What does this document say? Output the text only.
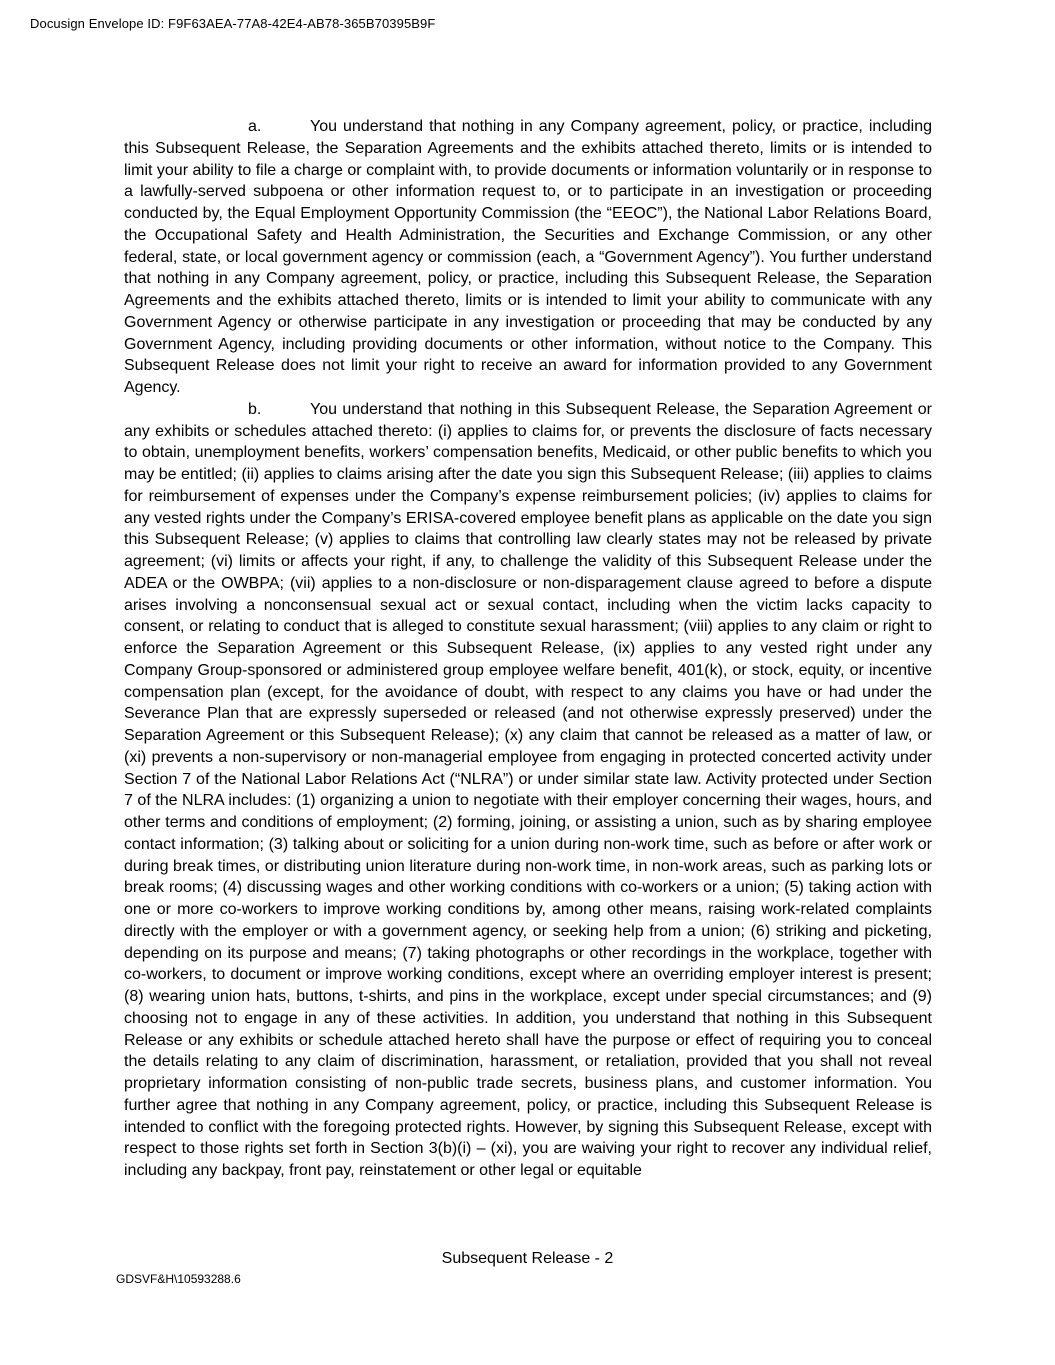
Docusign Envelope ID: F9F63AEA-77A8-42E4-AB78-365B70395B9F

a.	You understand that nothing in any Company agreement, policy, or practice, including this Subsequent Release, the Separation Agreements and the exhibits attached thereto, limits or is intended to limit your ability to file a charge or complaint with, to provide documents or information voluntarily or in response to a lawfully-served subpoena or other information request to, or to participate in an investigation or proceeding conducted by, the Equal Employment Opportunity Commission (the “EEOC”), the National Labor Relations Board, the Occupational Safety and Health Administration, the Securities and Exchange Commission, or any other federal, state, or local government agency or commission (each, a “Government Agency”). You further understand that nothing in any Company agreement, policy, or practice, including this Subsequent Release, the Separation Agreements and the exhibits attached thereto, limits or is intended to limit your ability to communicate with any Government Agency or otherwise participate in any investigation or proceeding that may be conducted by any Government Agency, including providing documents or other information, without notice to the Company. This Subsequent Release does not limit your right to receive an award for information provided to any Government Agency.

b.	You understand that nothing in this Subsequent Release, the Separation Agreement or any exhibits or schedules attached thereto: (i) applies to claims for, or prevents the disclosure of facts necessary to obtain, unemployment benefits, workers’ compensation benefits, Medicaid, or other public benefits to which you may be entitled; (ii) applies to claims arising after the date you sign this Subsequent Release; (iii) applies to claims for reimbursement of expenses under the Company’s expense reimbursement policies; (iv) applies to claims for any vested rights under the Company’s ERISA-covered employee benefit plans as applicable on the date you sign this Subsequent Release; (v) applies to claims that controlling law clearly states may not be released by private agreement; (vi) limits or affects your right, if any, to challenge the validity of this Subsequent Release under the ADEA or the OWBPA; (vii) applies to a non-disclosure or non-disparagement clause agreed to before a dispute arises involving a nonconsensual sexual act or sexual contact, including when the victim lacks capacity to consent, or relating to conduct that is alleged to constitute sexual harassment; (viii) applies to any claim or right to enforce the Separation Agreement or this Subsequent Release, (ix) applies to any vested right under any Company Group-sponsored or administered group employee welfare benefit, 401(k), or stock, equity, or incentive compensation plan (except, for the avoidance of doubt, with respect to any claims you have or had under the Severance Plan that are expressly superseded or released (and not otherwise expressly preserved) under the Separation Agreement or this Subsequent Release); (x) any claim that cannot be released as a matter of law, or (xi) prevents a non-supervisory or non-managerial employee from engaging in protected concerted activity under Section 7 of the National Labor Relations Act (“NLRA”) or under similar state law. Activity protected under Section 7 of the NLRA includes: (1) organizing a union to negotiate with their employer concerning their wages, hours, and other terms and conditions of employment; (2) forming, joining, or assisting a union, such as by sharing employee contact information; (3) talking about or soliciting for a union during non-work time, such as before or after work or during break times, or distributing union literature during non-work time, in non-work areas, such as parking lots or break rooms; (4) discussing wages and other working conditions with co-workers or a union; (5) taking action with one or more co-workers to improve working conditions by, among other means, raising work-related complaints directly with the employer or with a government agency, or seeking help from a union; (6) striking and picketing, depending on its purpose and means; (7) taking photographs or other recordings in the workplace, together with co-workers, to document or improve working conditions, except where an overriding employer interest is present; (8) wearing union hats, buttons, t-shirts, and pins in the workplace, except under special circumstances; and (9) choosing not to engage in any of these activities. In addition, you understand that nothing in this Subsequent Release or any exhibits or schedule attached hereto shall have the purpose or effect of requiring you to conceal the details relating to any claim of discrimination, harassment, or retaliation, provided that you shall not reveal proprietary information consisting of non-public trade secrets, business plans, and customer information. You further agree that nothing in any Company agreement, policy, or practice, including this Subsequent Release is intended to conflict with the foregoing protected rights. However, by signing this Subsequent Release, except with respect to those rights set forth in Section 3(b)(i) – (xi), you are waiving your right to recover any individual relief, including any backpay, front pay, reinstatement or other legal or equitable

Subsequent Release - 2
GDSVF&H\10593288.6
